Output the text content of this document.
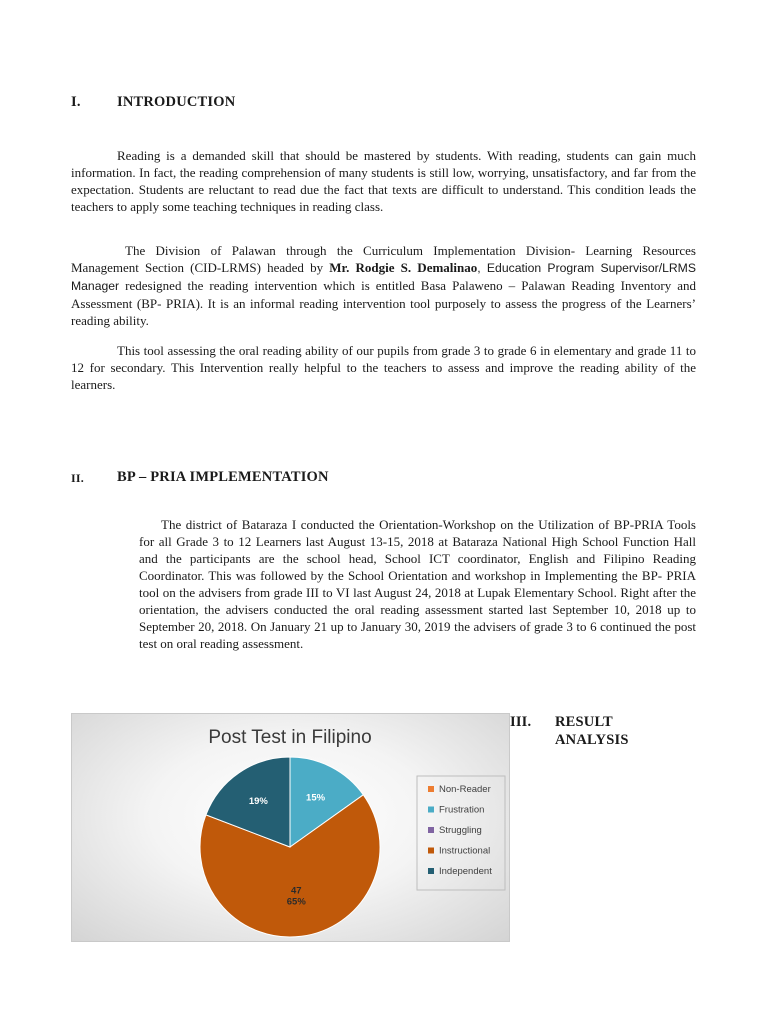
I.	INTRODUCTION

Reading is a demanded skill that should be mastered by students. With reading, students can gain much information. In fact, the reading comprehension of many students is still low, worrying, unsatisfactory, and far from the expectation. Students are reluctant to read due the fact that texts are difficult to understand. This condition leads the teachers to apply some teaching techniques in reading class.

The Division of Palawan through the Curriculum Implementation Division- Learning Resources Management Section (CID-LRMS) headed by Mr. Rodgie S. Demalinao, Education Program Supervisor/LRMS Manager redesigned the reading intervention which is entitled Basa Palaweno – Palawan Reading Inventory and Assessment (BP- PRIA). It is an informal reading intervention tool purposely to assess the progress of the Learners’ reading ability.

This tool assessing the oral reading ability of our pupils from grade 3 to grade 6 in elementary and grade 11 to 12 for secondary. This Intervention really helpful to the teachers to assess and improve the reading ability of the learners.

II. BP – PRIA IMPLEMENTATION

The district of Bataraza I conducted the Orientation-Workshop on the Utilization of BP-PRIA Tools for all Grade 3 to 12 Learners last August 13-15, 2018 at Bataraza National High School Function Hall and the participants are the school head, School ICT coordinator, English and Filipino Reading Coordinator. This was followed by the School Orientation and workshop in Implementing the BP- PRIA tool on the advisers from grade III to VI last August 24, 2018 at Lupak Elementary School. Right after the orientation, the advisers conducted the oral reading assessment started last September 10, 2018 up to September 20, 2018. On January 21 up to January 30, 2019 the advisers of grade 3 to 6 continued the post test on oral reading assessment.

III. RESULT
ANALYSIS
Post Test in Filipino
15%
47 65%
19%
Non-Reader
Frustration
Struggling
Instructional
Independent
